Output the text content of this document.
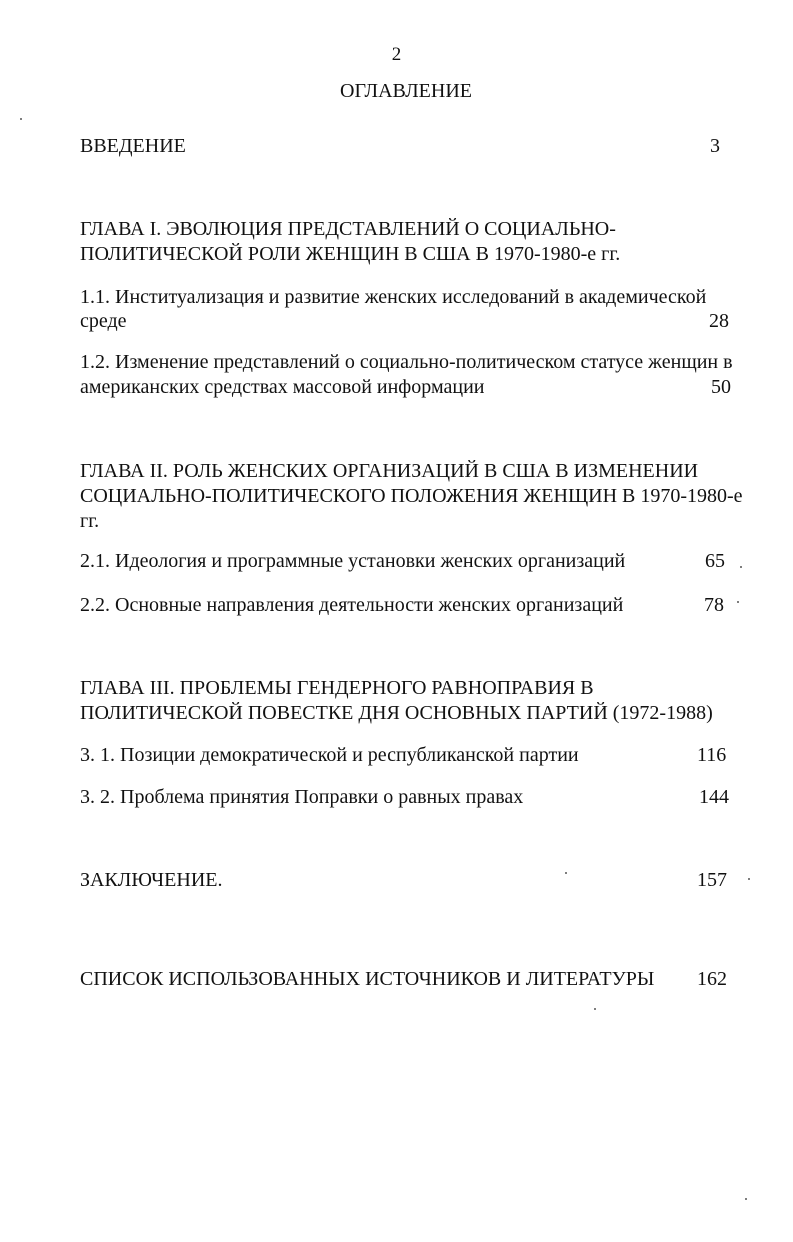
2
ОГЛАВЛЕНИЕ
ВВЕДЕНИЕ	3
ГЛАВА I. ЭВОЛЮЦИЯ ПРЕДСТАВЛЕНИЙ О СОЦИАЛЬНО-
ПОЛИТИЧЕСКОЙ РОЛИ ЖЕНЩИН В США В 1970-1980-е гг.
1.1. Институализация и развитие женских исследований в академической
среде	28
1.2. Изменение представлений о социально-политическом статусе женщин в
американских средствах массовой информации	50
ГЛАВА II. РОЛЬ ЖЕНСКИХ ОРГАНИЗАЦИЙ В США В ИЗМЕНЕНИИ
СОЦИАЛЬНО-ПОЛИТИЧЕСКОГО ПОЛОЖЕНИЯ ЖЕНЩИН В 1970-1980-е
гг.
2.1. Идеология и программные установки женских организаций	65
2.2. Основные направления деятельности женских организаций	78
ГЛАВА III. ПРОБЛЕМЫ ГЕНДЕРНОГО РАВНОПРАВИЯ В
ПОЛИТИЧЕСКОЙ ПОВЕСТКЕ ДНЯ ОСНОВНЫХ ПАРТИЙ (1972-1988)
3. 1. Позиции демократической и республиканской партии	116
3. 2. Проблема принятия Поправки о равных правах	144
ЗАКЛЮЧЕНИЕ.	157
СПИСОК ИСПОЛЬЗОВАННЫХ ИСТОЧНИКОВ И ЛИТЕРАТУРЫ 162
